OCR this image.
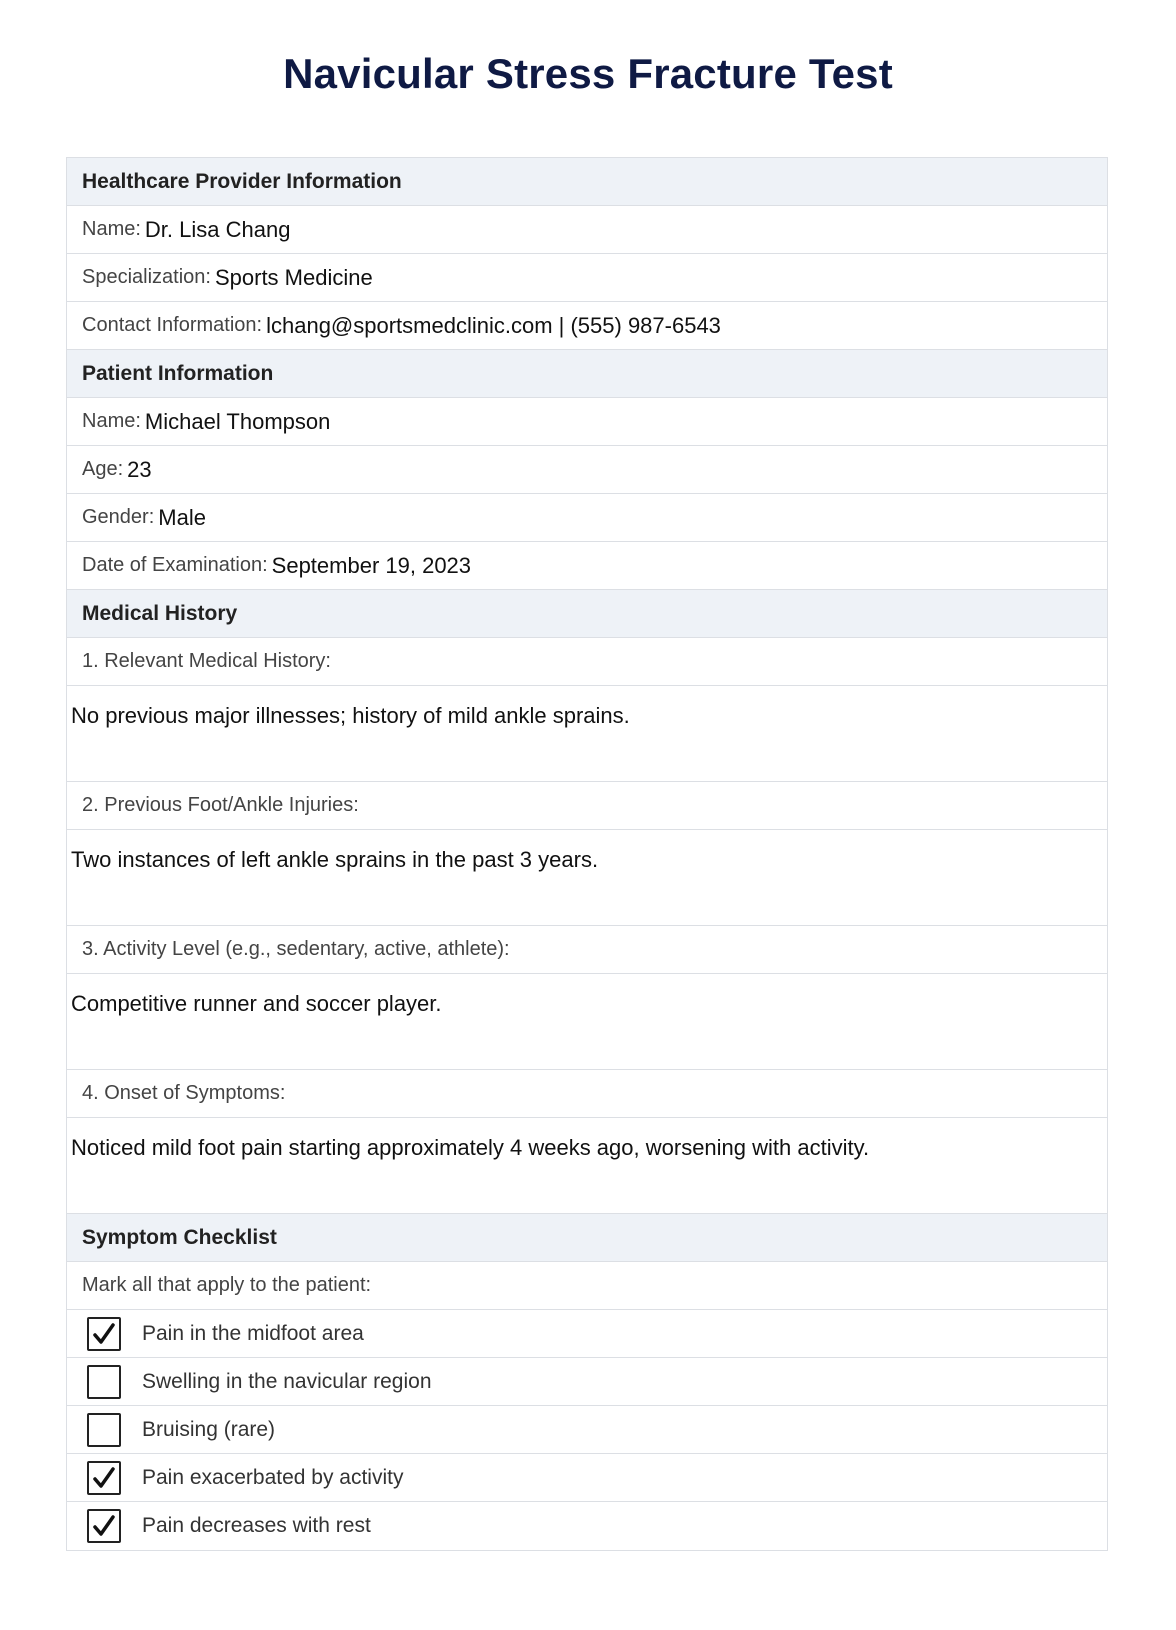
Navicular Stress Fracture Test
Healthcare Provider Information
Name: Dr. Lisa Chang
Specialization: Sports Medicine
Contact Information: lchang@sportsmedclinic.com | (555) 987-6543
Patient Information
Name: Michael Thompson
Age: 23
Gender: Male
Date of Examination: September 19, 2023
Medical History
1. Relevant Medical History:
No previous major illnesses; history of mild ankle sprains.
2. Previous Foot/Ankle Injuries:
Two instances of left ankle sprains in the past 3 years.
3. Activity Level (e.g., sedentary, active, athlete):
Competitive runner and soccer player.
4. Onset of Symptoms:
Noticed mild foot pain starting approximately 4 weeks ago, worsening with activity.
Symptom Checklist
Mark all that apply to the patient:
Pain in the midfoot area
Swelling in the navicular region
Bruising (rare)
Pain exacerbated by activity
Pain decreases with rest
